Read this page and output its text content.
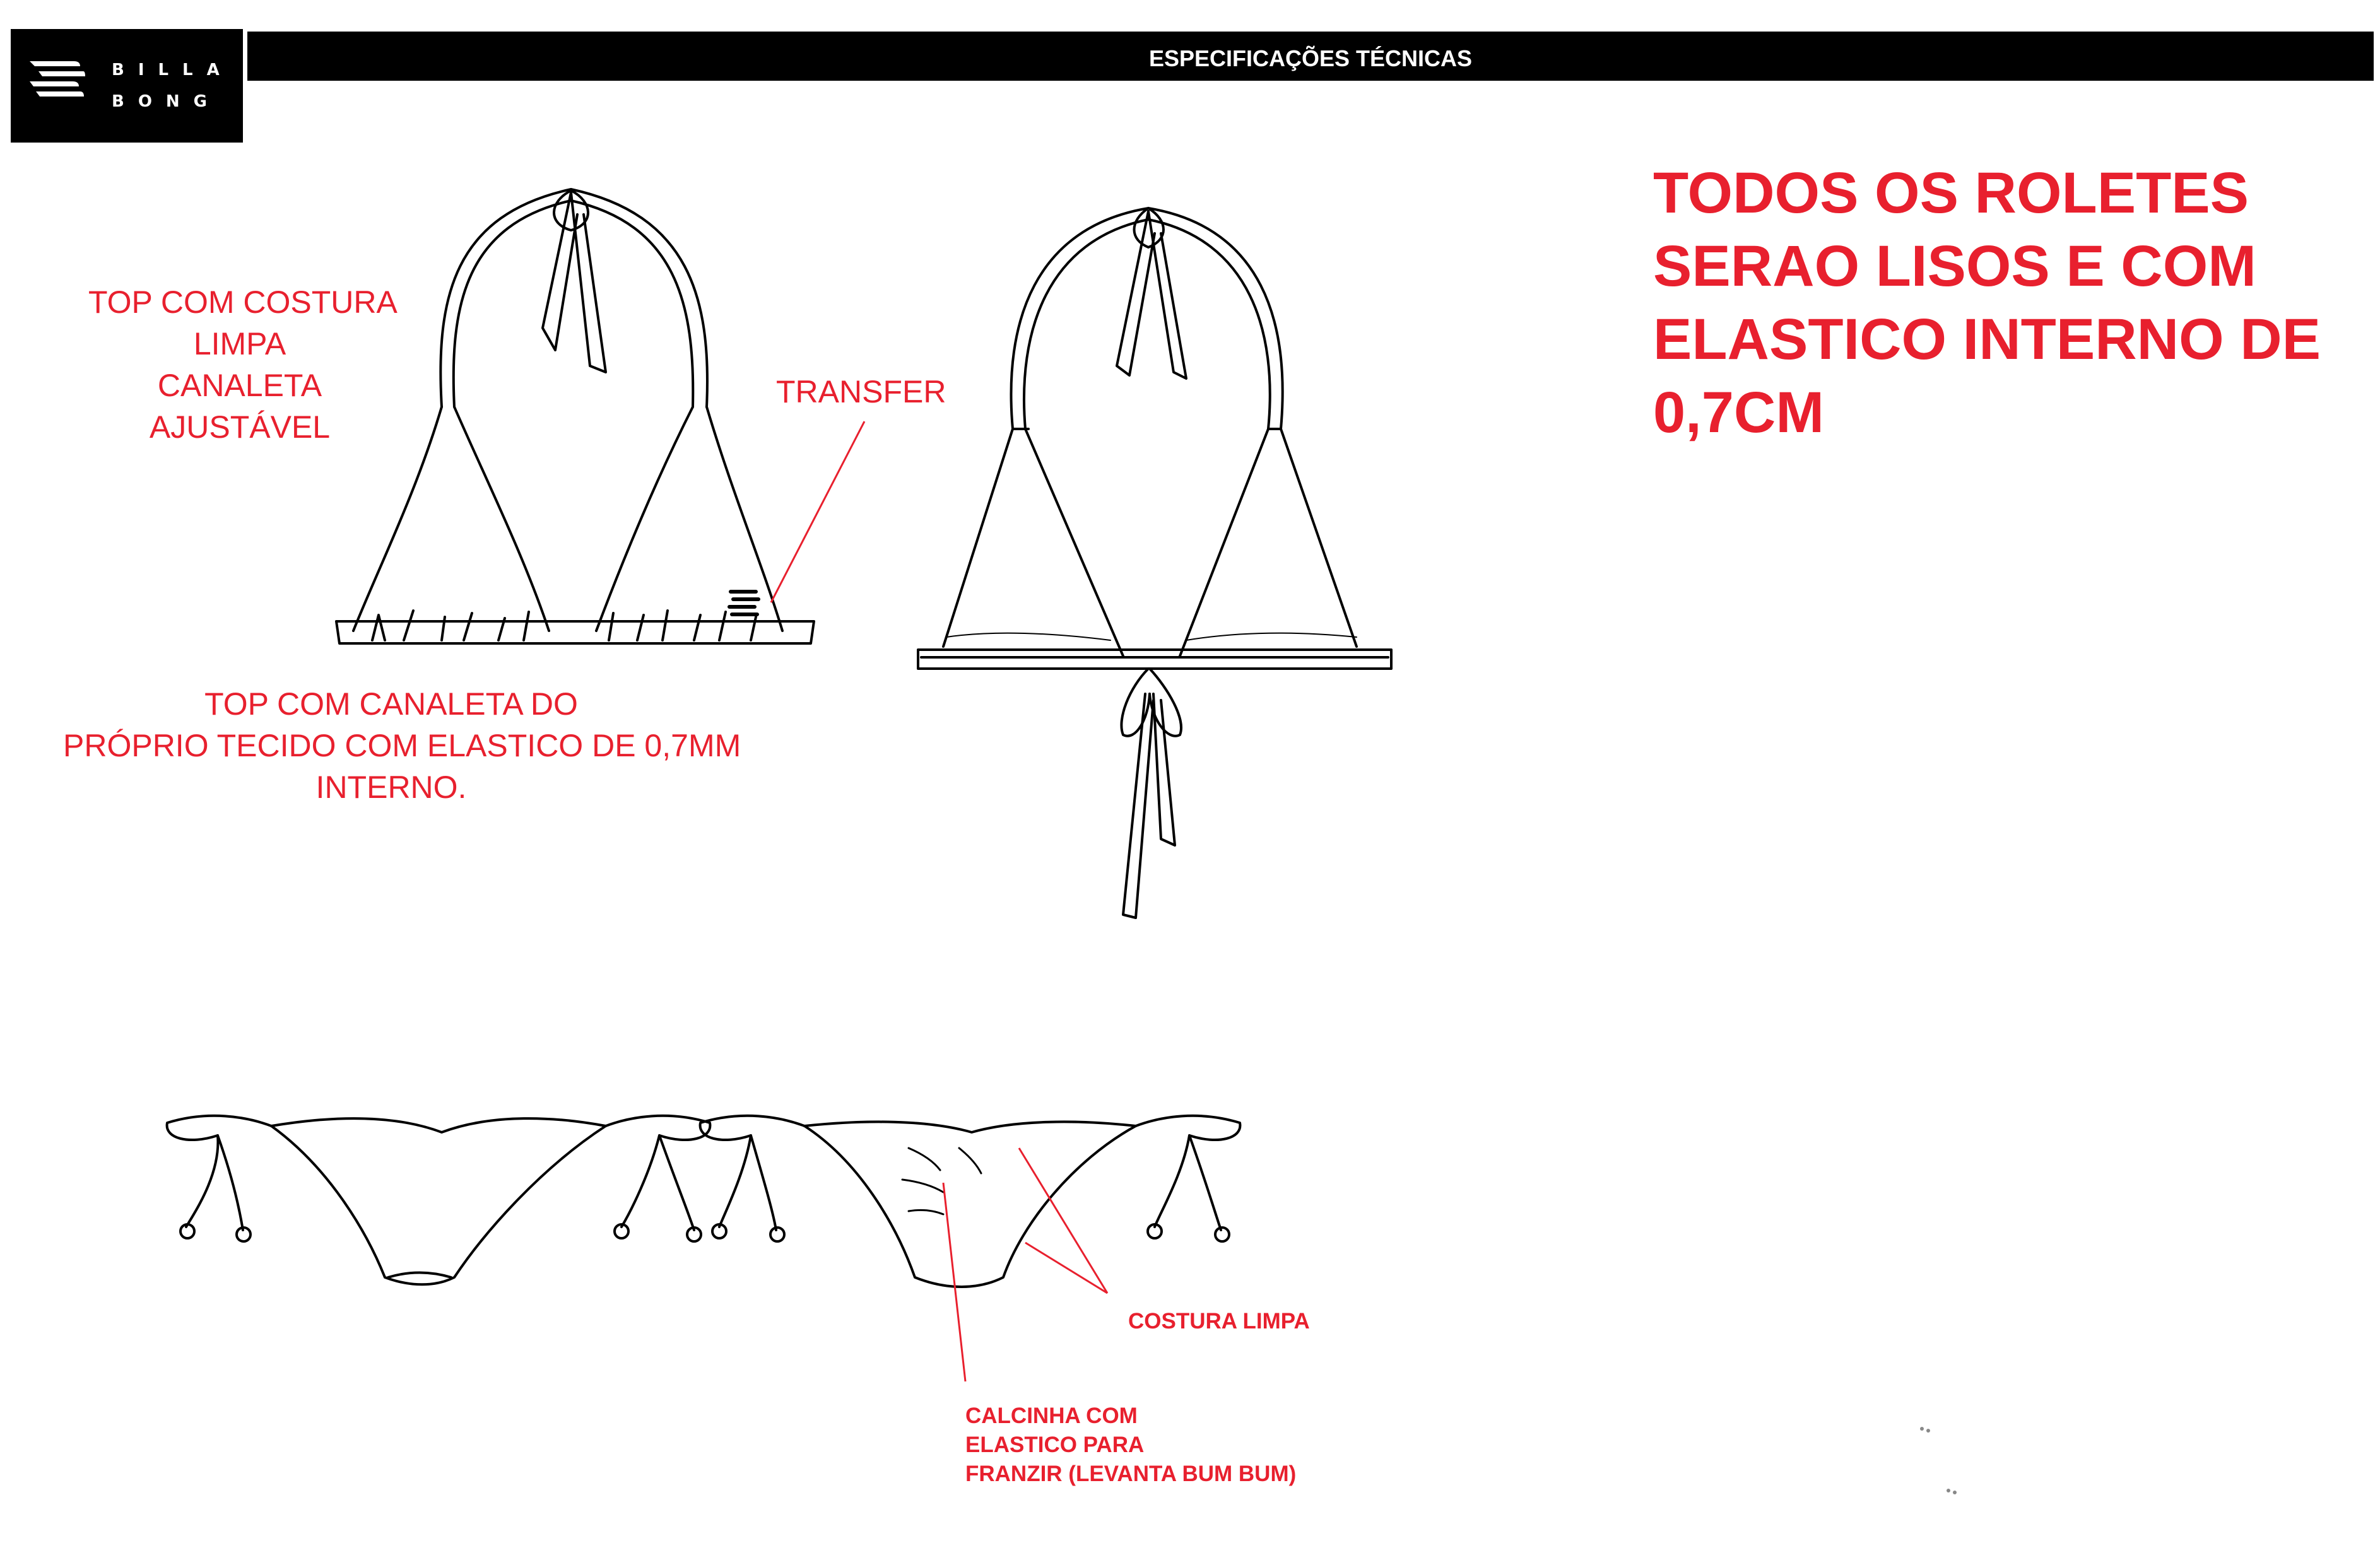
BILLA
BONG
ESPECIFICAÇÕES TÉCNICAS
TOP COM COSTURA
LIMPA
CANALETA
AJUSTÁVEL
TRANSFER
TOP COM CANALETA DO
PRÓPRIO TECIDO COM ELASTICO DE 0,7MM
INTERNO.
TODOS OS ROLETES
SERAO LISOS E COM
ELASTICO INTERNO DE
0,7CM
COSTURA LIMPA
CALCINHA COM
ELASTICO PARA
FRANZIR (LEVANTA BUM BUM)
